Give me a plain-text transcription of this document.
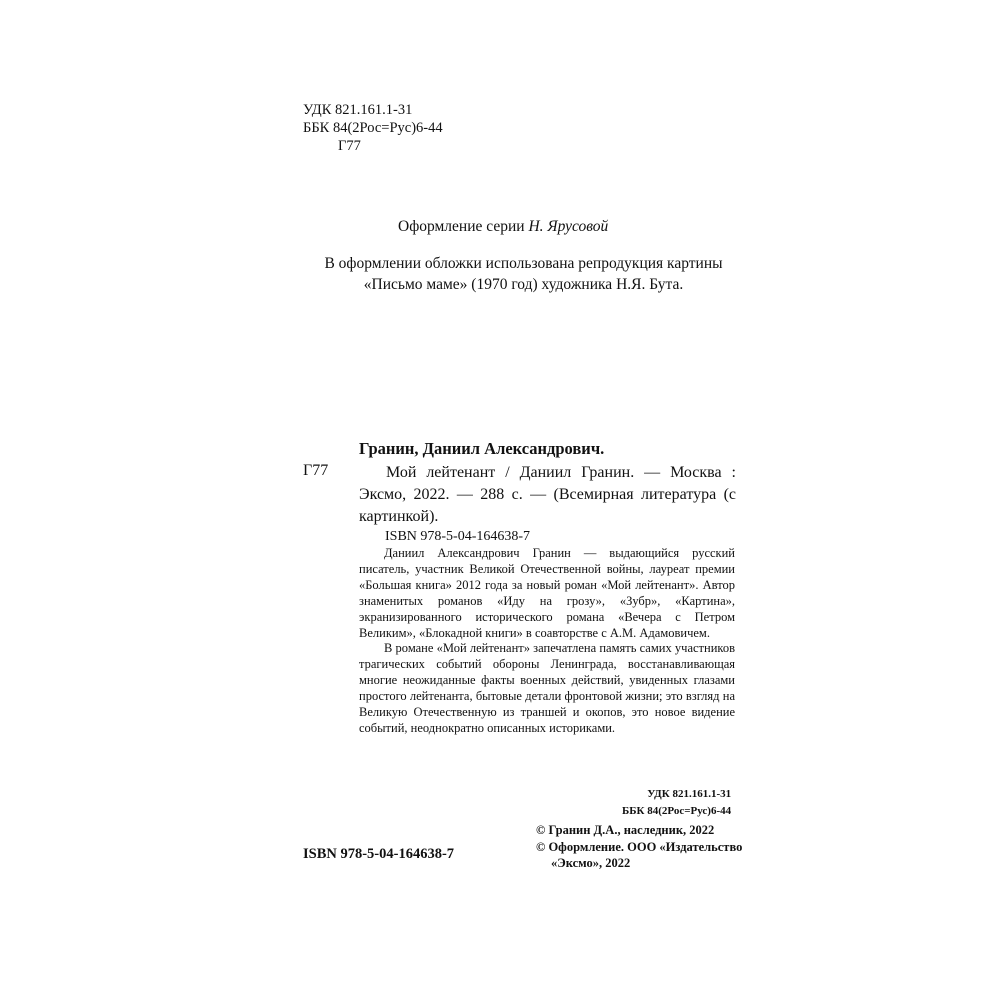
УДК 821.161.1-31
ББК 84(2Рос=Рус)6-44
Г77
Оформление серии Н. Ярусовой
В оформлении обложки использована репродукция картины «Письмо маме» (1970 год) художника Н.Я. Бута.
Гранин, Даниил Александрович.
Г77	Мой лейтенант / Даниил Гранин. — Москва : Эксмо, 2022. — 288 с. — (Всемирная литература (с картинкой).
ISBN 978-5-04-164638-7

Даниил Александрович Гранин — выдающийся русский писатель, участник Великой Отечественной войны, лауреат премии «Большая книга» 2012 года за новый роман «Мой лейтенант». Автор знаменитых романов «Иду на грозу», «Зубр», «Картина», экранизированного исторического романа «Вечера с Петром Великим», «Блокадной книги» в соавторстве с А.М. Адамовичем.

В романе «Мой лейтенант» запечатлена память самих участников трагических событий обороны Ленинграда, восстанавливающая многие неожиданные факты военных действий, увиденных глазами простого лейтенанта, бытовые детали фронтовой жизни; это взгляд на Великую Отечественную из траншей и окопов, это новое видение событий, неоднократно описанных историками.

УДК 821.161.1-31
ББК 84(2Рос=Рус)6-44
© Гранин Д.А., наследник, 2022
© Оформление. ООО «Издательство
«Эксмо», 2022
ISBN 978-5-04-164638-7
